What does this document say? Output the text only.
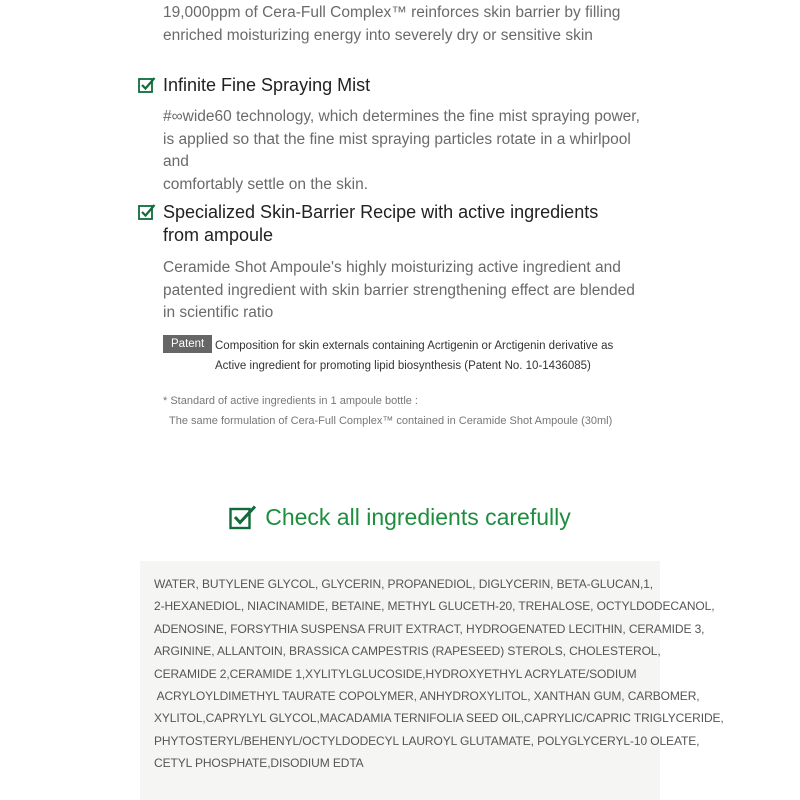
19,000ppm of Cera-Full Complex™ reinforces skin barrier by filling
enriched moisturizing energy into severely dry or sensitive skin
Infinite Fine Spraying Mist
#∞wide60 technology, which determines the fine mist spraying power,
is applied so that the fine mist spraying particles rotate in a whirlpool and
comfortably settle on the skin.
Specialized Skin-Barrier Recipe with active ingredients
from ampoule
Ceramide Shot Ampoule's highly moisturizing active ingredient and
patented ingredient with skin barrier strengthening effect are blended
in scientific ratio
Patent Composition for skin externals containing Acrtigenin or Arctigenin derivative as
Active ingredient for promoting lipid biosynthesis (Patent No. 10-1436085)
* Standard of active ingredients in 1 ampoule bottle :
The same formulation of Cera-Full Complex™ contained in Ceramide Shot Ampoule (30ml)
Check all ingredients carefully
WATER, BUTYLENE GLYCOL, GLYCERIN, PROPANEDIOL, DIGLYCERIN, BETA-GLUCAN,1,
2-HEXANEDIOL, NIACINAMIDE, BETAINE, METHYL GLUCETH-20, TREHALOSE, OCTYLDODECANOL,
ADENOSINE, FORSYTHIA SUSPENSA FRUIT EXTRACT, HYDROGENATED LECITHIN, CERAMIDE 3,
ARGININE, ALLANTOIN, BRASSICA CAMPESTRIS (RAPESEED) STEROLS, CHOLESTEROL,
CERAMIDE 2,CERAMIDE 1,XYLITYLGLUCOSIDE,HYDROXYETHYL ACRYLATE/SODIUM
ACRYLOYLDIMETHYL TAURATE COPOLYMER, ANHYDROXYLITOL, XANTHAN GUM, CARBOMER,
XYLITOL,CAPRYLYL GLYCOL,MACADAMIA TERNIFOLIA SEED OIL,CAPRYLIC/CAPRIC TRIGLYCERIDE,
PHYTOSTERYL/BEHENYL/OCTYLDODECYL LAUROYL GLUTAMATE, POLYGLYCERYL-10 OLEATE,
CETYL PHOSPHATE,DISODIUM EDTA
